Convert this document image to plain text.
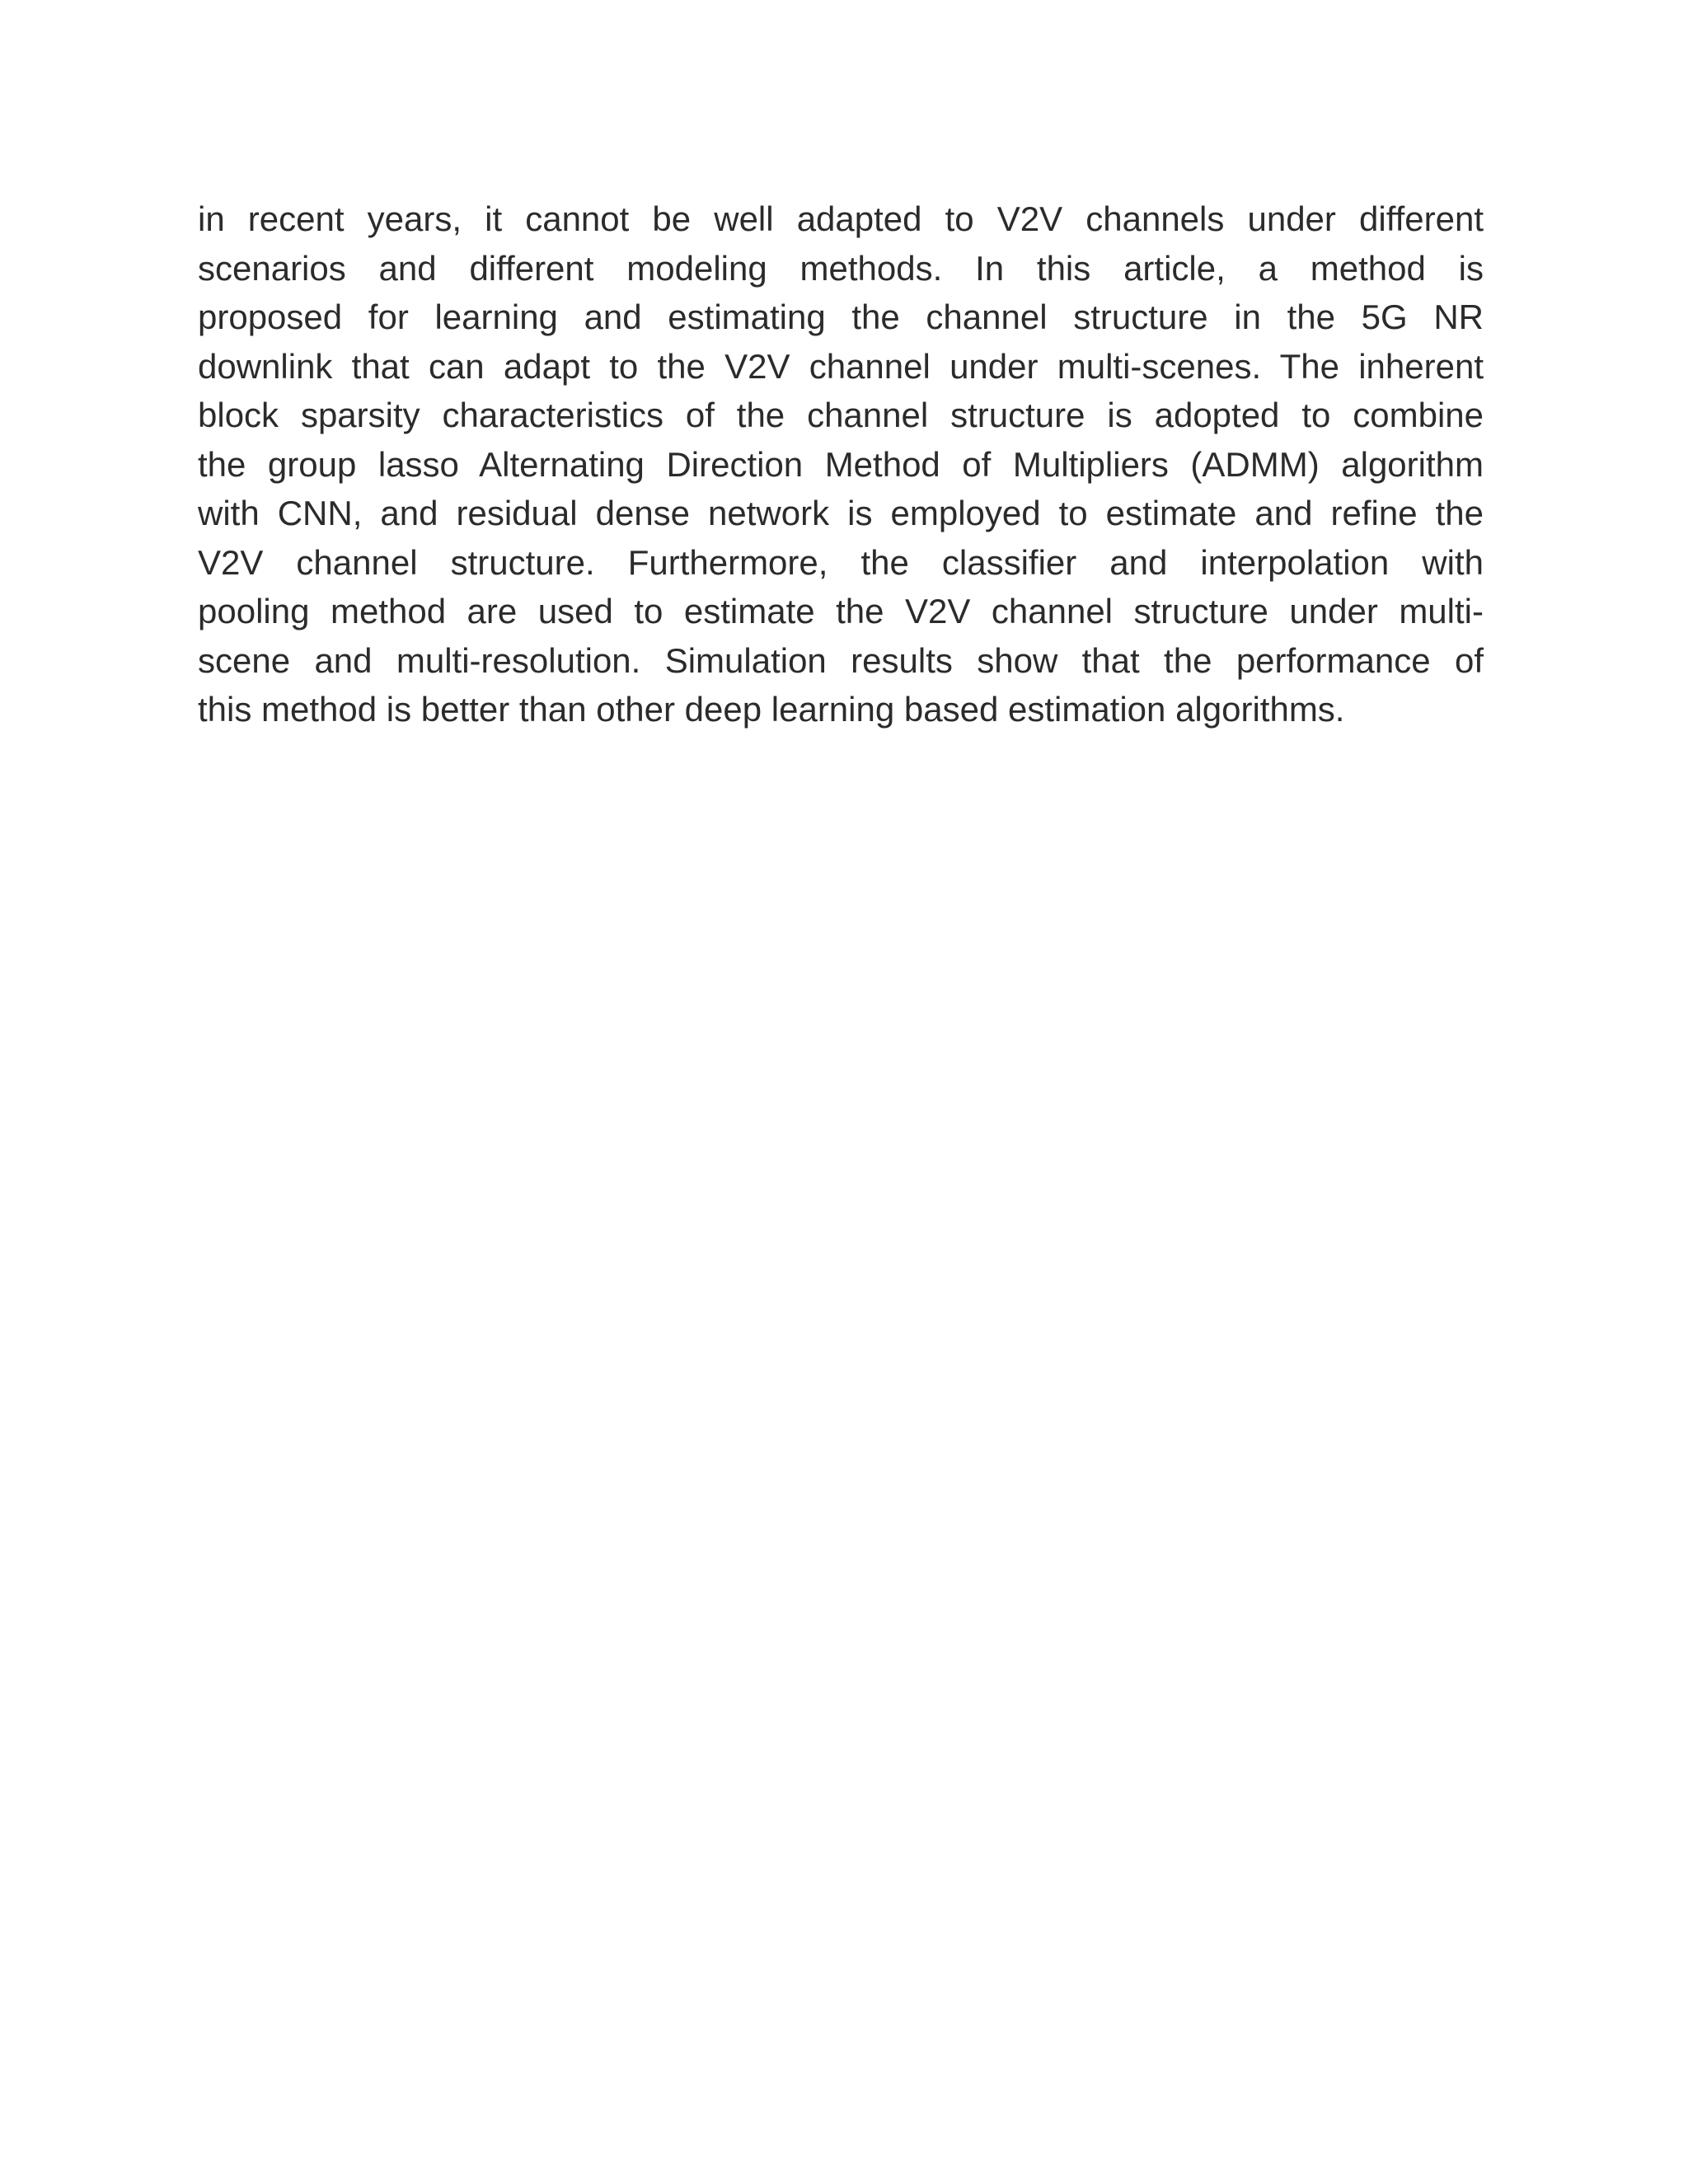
in recent years, it cannot be well adapted to V2V channels under different
scenarios and different modeling methods. In this article, a method is
proposed for learning and estimating the channel structure in the 5G NR
downlink that can adapt to the V2V channel under multi-scenes. The inherent
block sparsity characteristics of the channel structure is adopted to combine
the group lasso Alternating Direction Method of Multipliers (ADMM) algorithm
with CNN, and residual dense network is employed to estimate and refine the
V2V channel structure. Furthermore, the classifier and interpolation with
pooling method are used to estimate the V2V channel structure under multi-
scene and multi-resolution. Simulation results show that the performance of
this method is better than other deep learning based estimation algorithms.
